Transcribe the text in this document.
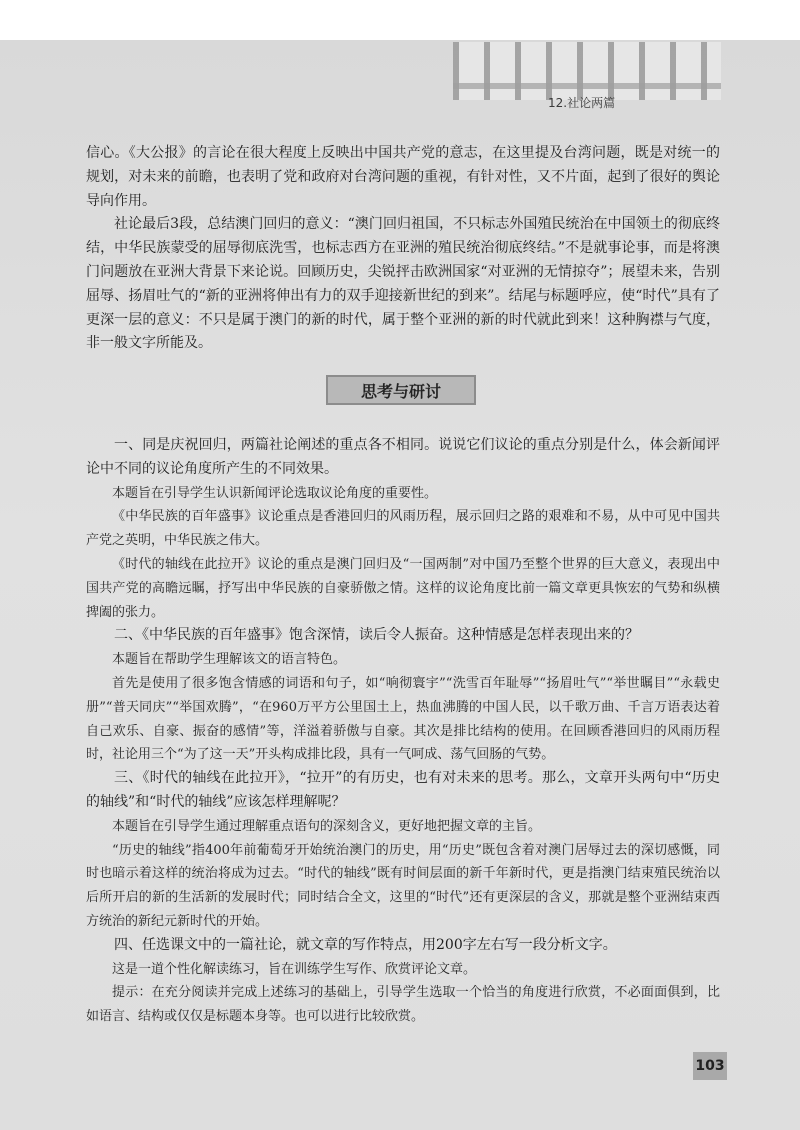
12.社论两篇

信心。《大公报》的言论在很大程度上反映出中国共产党的意志，在这里提及台湾问题，既是对统一的规划，对未来的前瞻，也表明了党和政府对台湾问题的重视，有针对性，又不片面，起到了很好的舆论导向作用。

社论最后3段，总结澳门回归的意义：“澳门回归祖国，不只标志外国殖民统治在中国领土的彻底终结，中华民族蒙受的屈辱彻底洗雪，也标志西方在亚洲的殖民统治彻底终结。”不是就事论事，而是将澳门问题放在亚洲大背景下来论说。回顾历史，尖锐抨击欧洲国家“对亚洲的无情掠夺”；展望未来，告别屈辱、扬眉吐气的“新的亚洲将伸出有力的双手迎接新世纪的到来”。结尾与标题呼应，使“时代”具有了更深一层的意义：不只是属于澳门的新的时代，属于整个亚洲的新的时代就此到来！这种胸襟与气度，非一般文字所能及。

思考与研讨

一、同是庆祝回归，两篇社论阐述的重点各不相同。说说它们议论的重点分别是什么，体会新闻评论中不同的议论角度所产生的不同效果。

本题旨在引导学生认识新闻评论选取议论角度的重要性。

《中华民族的百年盛事》议论重点是香港回归的风雨历程，展示回归之路的艰难和不易，从中可见中国共产党之英明，中华民族之伟大。

《时代的轴线在此拉开》议论的重点是澳门回归及“一国两制”对中国乃至整个世界的巨大意义，表现出中国共产党的高瞻远瞩，抒写出中华民族的自豪骄傲之情。这样的议论角度比前一篇文章更具恢宏的气势和纵横捭阖的张力。

二、《中华民族的百年盛事》饱含深情，读后令人振奋。这种情感是怎样表现出来的？

本题旨在帮助学生理解该文的语言特色。

首先是使用了很多饱含情感的词语和句子，如“响彻寰宇”“洗雪百年耻辱”“扬眉吐气”“举世瞩目”“永载史册”“普天同庆”“举国欢腾”，“在960万平方公里国土上，热血沸腾的中国人民，以千歌万曲、千言万语表达着自己欢乐、自豪、振奋的感情”等，洋溢着骄傲与自豪。其次是排比结构的使用。在回顾香港回归的风雨历程时，社论用三个“为了这一天”开头构成排比段，具有一气呵成、荡气回肠的气势。

三、《时代的轴线在此拉开》，“拉开”的有历史，也有对未来的思考。那么，文章开头两句中“历史的轴线”和“时代的轴线”应该怎样理解呢？

本题旨在引导学生通过理解重点语句的深刻含义，更好地把握文章的主旨。

“历史的轴线”指400年前葡萄牙开始统治澳门的历史，用“历史”既包含着对澳门居辱过去的深切感慨，同时也暗示着这样的统治将成为过去。“时代的轴线”既有时间层面的新千年新时代，更是指澳门结束殖民统治以后所开启的新的生活新的发展时代；同时结合全文，这里的“时代”还有更深层的含义，那就是整个亚洲结束西方统治的新纪元新时代的开始。

四、任选课文中的一篇社论，就文章的写作特点，用200字左右写一段分析文字。

这是一道个性化解读练习，旨在训练学生写作、欣赏评论文章。

提示：在充分阅读并完成上述练习的基础上，引导学生选取一个恰当的角度进行欣赏，不必面面俱到，比如语言、结构或仅仅是标题本身等。也可以进行比较欣赏。

103
